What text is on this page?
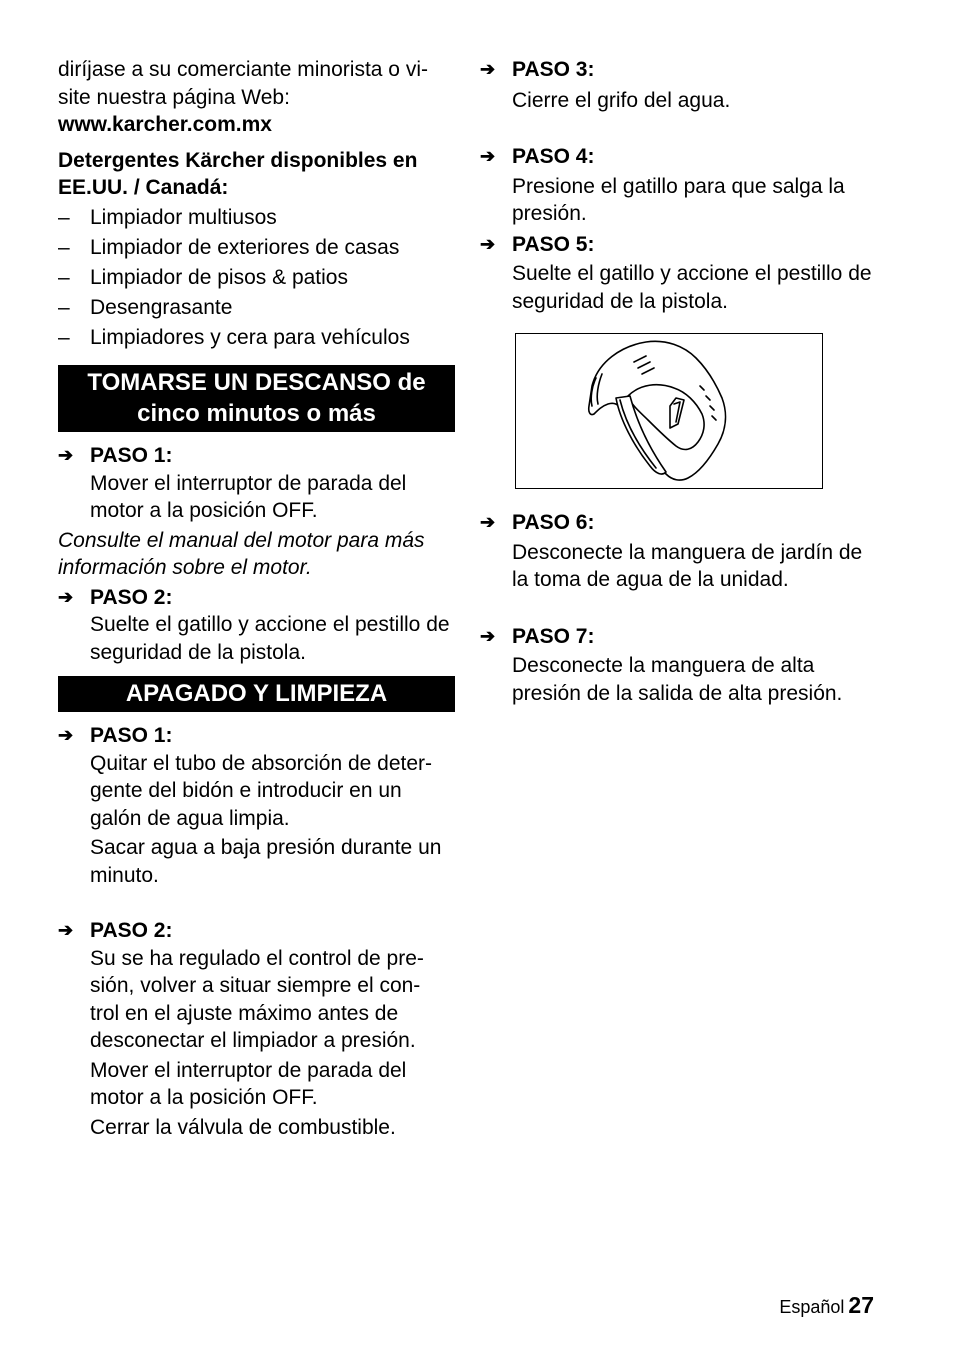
diríjase a su comerciante minorista o vi-
site nuestra página Web:

www.karcher.com.mx

Detergentes Kärcher disponibles en EE.UU. / Canadá:

– Limpiador multiusos
– Limpiador de exteriores de casas
– Limpiador de pisos & patios
– Desengrasante
– Limpiadores y cera para vehículos
TOMARSE UN DESCANSO de
cinco minutos o más
➔ PASO 1:

Mover el interruptor de parada del motor a la posición OFF.

Consulte el manual del motor para más información sobre el motor.

➔ PASO 2:

Suelte el gatillo y accione el pestillo de seguridad de la pistola.

APAGADO Y LIMPIEZA
➔ PASO 1:

Quitar el tubo de absorción de deter-
gente del bidón e introducir en un
galón de agua limpia.

Sacar agua a baja presión durante un minuto.

➔ PASO 2:

Su se ha regulado el control de pre-
sión, volver a situar siempre el con-
trol en el ajuste máximo antes de
desconectar el limpiador a presión.

Mover el interruptor de parada del motor a la posición OFF.

Cerrar la válvula de combustible.

➔ PASO 3:

Cierre el grifo del agua.

➔ PASO 4:

Presione el gatillo para que salga la presión.

➔ PASO 5:

Suelte el gatillo y accione el pestillo de seguridad de la pistola.

➔ PASO 6:

Desconecte la manguera de jardín de la toma de agua de la unidad.

➔ PASO 7:

Desconecte la manguera de alta presión de la salida de alta presión.

Español 27
